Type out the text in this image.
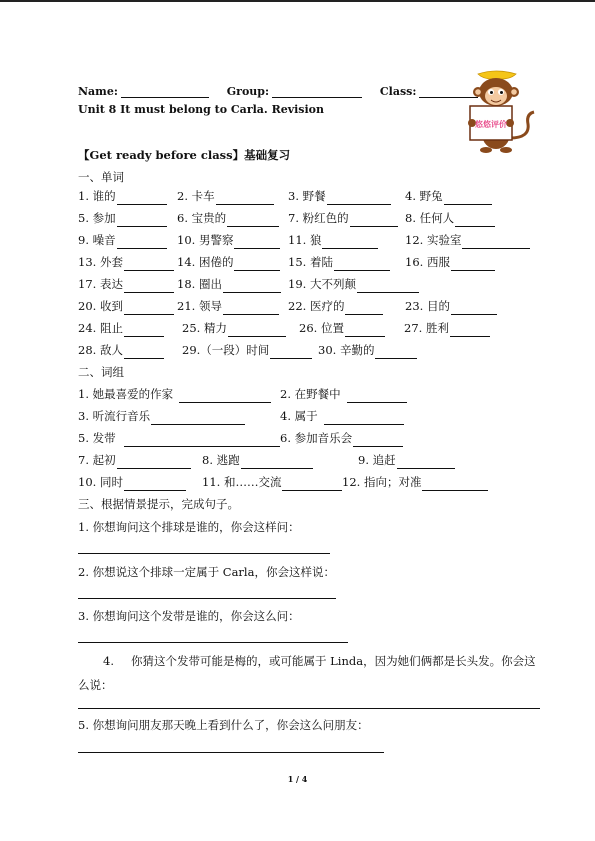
Name:	Group:	Class:
Unit 8 It must belong to Carla. Revision
悠悠评价
【Get ready before class】基础复习
一、单词
1. 谁的	2. 卡车	3. 野餐	4. 野兔
5. 参加	6. 宝贵的	7. 粉红色的	8. 任何人
9. 噪音	10. 男警察	11. 狼	12. 实验室
13. 外套	14. 困倦的	15. 着陆	16. 西服
17. 表达	18. 圈出	19. 大不列颠
20. 收到	21. 领导	22. 医疗的	23. 目的
24. 阻止	25. 精力	26. 位置	27. 胜利
28. 敌人	29.（一段）时间	30. 辛勤的
二、词组
1. 她最喜爱的作家	2. 在野餐中
3. 听流行音乐	4. 属于
5. 发带	6. 参加音乐会
7. 起初	8. 逃跑	9. 追赶
10. 同时	11. 和……交流	12. 指向；对准
三、根据情景提示，完成句子。
1. 你想询问这个排球是谁的，你会这样问：
2. 你想说这个排球一定属于 Carla，你会这样说：
3. 你想询问这个发带是谁的，你会这么问：
4. 你猜这个发带可能是梅的，或可能属于 Linda，因为她们俩都是长头发。你会这么说：
5. 你想询问朋友那天晚上看到什么了，你会这么问朋友：
1 / 4
